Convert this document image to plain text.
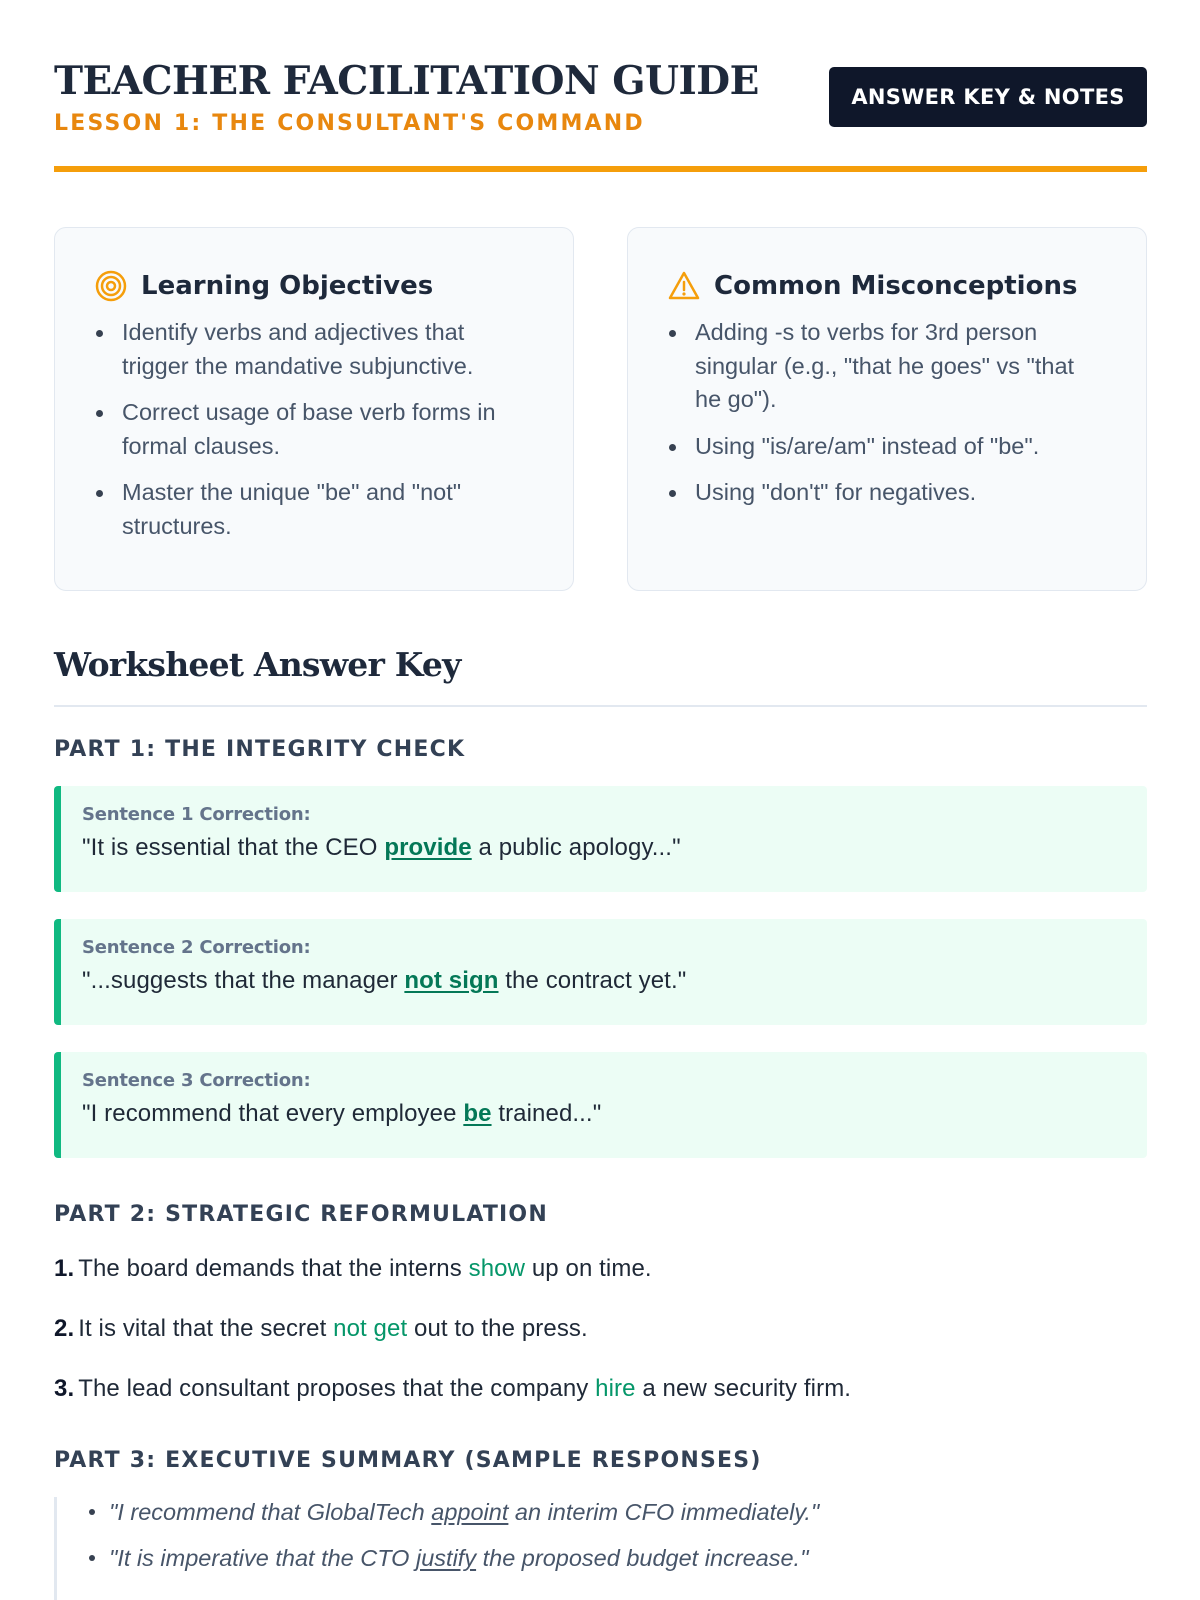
TEACHER FACILITATION GUIDE
LESSON 1: THE CONSULTANT'S COMMAND
ANSWER KEY & NOTES
Learning Objectives
Identify verbs and adjectives that trigger the mandative subjunctive.
Correct usage of base verb forms in formal clauses.
Master the unique "be" and "not" structures.
Common Misconceptions
Adding -s to verbs for 3rd person singular (e.g., "that he goes" vs "that he go").
Using "is/are/am" instead of "be".
Using "don't" for negatives.
Worksheet Answer Key
PART 1: THE INTEGRITY CHECK
Sentence 1 Correction:
"It is essential that the CEO provide a public apology..."
Sentence 2 Correction:
"...suggests that the manager not sign the contract yet."
Sentence 3 Correction:
"I recommend that every employee be trained..."
PART 2: STRATEGIC REFORMULATION
1. The board demands that the interns show up on time.
2. It is vital that the secret not get out to the press.
3. The lead consultant proposes that the company hire a new security firm.
PART 3: EXECUTIVE SUMMARY (SAMPLE RESPONSES)
"I recommend that GlobalTech appoint an interim CFO immediately."
"It is imperative that the CTO justify the proposed budget increase."
